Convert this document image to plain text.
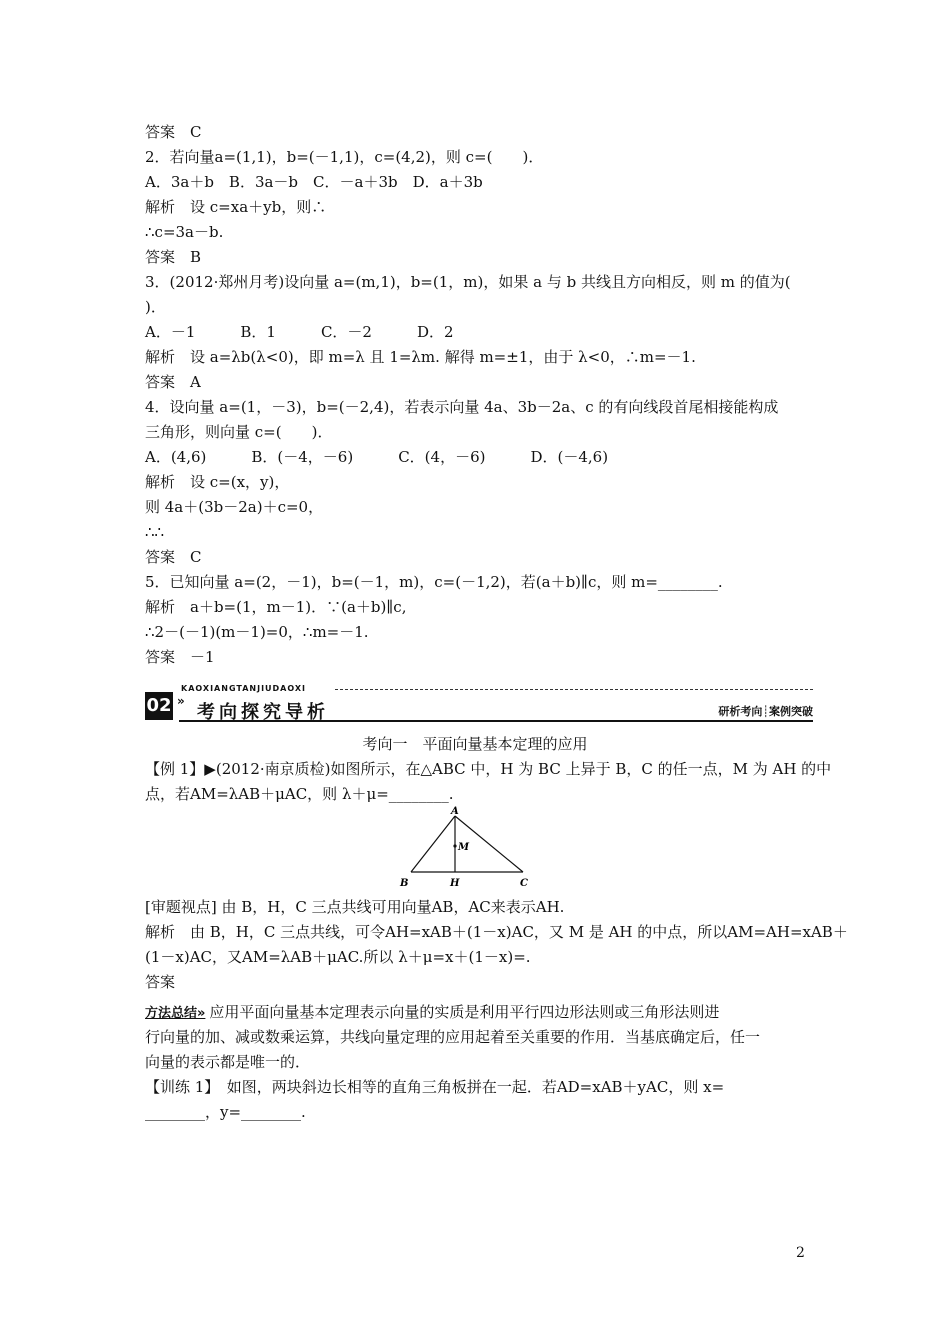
答案　C
2．若向量a=(1,1)，b=(－1,1)，c=(4,2)，则 c=(　　)．
A．3a＋b　B．3a－b　C．－a＋3b　D．a＋3b
解析　设 c=xa＋yb，则∴
∴c=3a－b.
答案　B
3．(2012·郑州月考)设向量 a=(m,1)，b=(1，m)，如果 a 与 b 共线且方向相反，则 m 的值为(
)．
A．－1　　　B．1　　　C．－2　　　D．2
解析　设 a=λb(λ<0)，即 m=λ 且 1=λm. 解得 m=±1，由于 λ<0，∴m=－1.
答案　A
4．设向量 a=(1，－3)，b=(－2,4)，若表示向量 4a、3b－2a、c 的有向线段首尾相接能构成
三角形，则向量 c=(　　)．
A．(4,6)　　　B．(－4，－6)　　　C．(4，－6)　　　D．(－4,6)
解析　设 c=(x，y)，
则 4a＋(3b－2a)＋c=0，
∴∴
答案　C
5．已知向量 a=(2，－1)，b=(－1，m)，c=(－1,2)，若(a＋b)∥c，则 m=________.
解析　a＋b=(1，m－1)．∵(a＋b)∥c,
∴2－(－1)(m－1)=0，∴m=－1.
答案　－1
02 »
KAOXIANGTANJIUDAOXI
考向探究导析	研析考向┊案例突破
考向一　平面向量基本定理的应用
【例 1】▶(2012·南京质检)如图所示，在△ABC 中，H 为 BC 上异于 B，C 的任一点，M 为 AH 的中
点，若AM=λAB＋μAC，则 λ＋μ=________.
A
M
B	H	C
[审题视点] 由 B，H，C 三点共线可用向量AB，AC来表示AH.
解析　由 B，H，C 三点共线，可令AH=xAB＋(1－x)AC，又 M 是 AH 的中点，所以AM=AH=xAB＋
(1－x)AC，又AM=λAB＋μAC.所以 λ＋μ=x＋(1－x)=.
答案
方法总结» 应用平面向量基本定理表示向量的实质是利用平行四边形法则或三角形法则进
行向量的加、减或数乘运算，共线向量定理的应用起着至关重要的作用．当基底确定后，任一
向量的表示都是唯一的．
【训练 1】　如图，两块斜边长相等的直角三角板拼在一起．若AD=xAB＋yAC，则 x=
________，y=________.
2
